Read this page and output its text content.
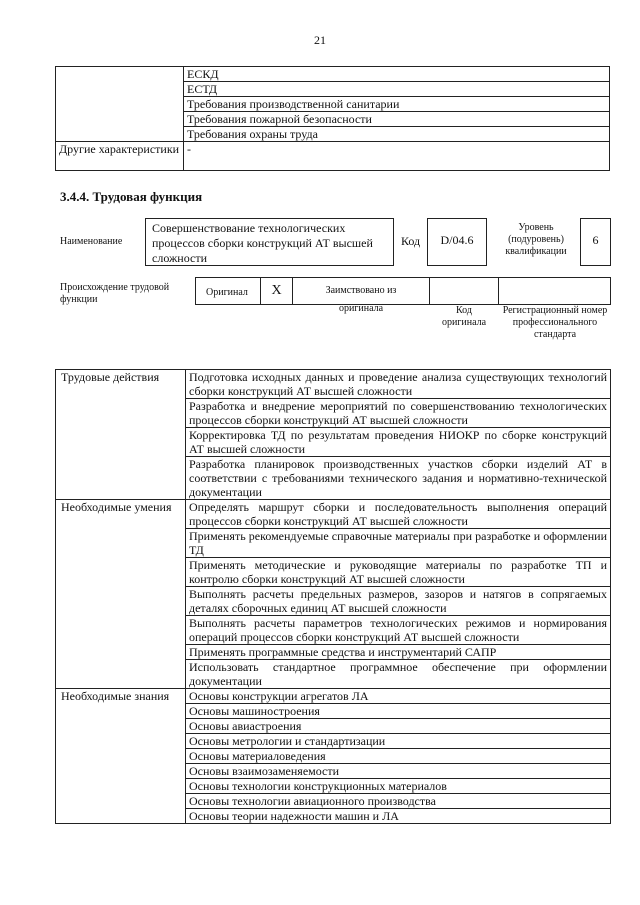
21
	ЕСКД
	ЕСТД
	Требования производственной санитарии
	Требования пожарной безопасности
	Требования охраны труда
Другие характеристики	-
3.4.4. Трудовая функция
Наименование
Совершенствование технологических процессов сборки конструкций АТ высшей сложности
Код	D/04.6
Уровень (подуровень) квалификации
6
Происхождение трудовой функции
Оригинал	X	Заимствовано из оригинала	Код оригинала
Регистрационный номер профессионального стандарта
Трудовые действия	Подготовка исходных данных и проведение анализа существующих технологий сборки конструкций АТ высшей сложности
	Разработка и внедрение мероприятий по совершенствованию технологических процессов сборки конструкций АТ высшей сложности
	Корректировка ТД по результатам проведения НИОКР по сборке конструкций АТ высшей сложности
	Разработка планировок производственных участков сборки изделий АТ в соответствии с требованиями технического задания и нормативно-технической документации
Необходимые умения	Определять маршрут сборки и последовательность выполнения операций процессов сборки конструкций АТ высшей сложности
	Применять рекомендуемые справочные материалы при разработке и оформлении ТД
	Применять методические и руководящие материалы по разработке ТП и контролю сборки конструкций АТ высшей сложности
	Выполнять расчеты предельных размеров, зазоров и натягов в сопрягаемых деталях сборочных единиц АТ высшей сложности
	Выполнять расчеты параметров технологических режимов и нормирования операций процессов сборки конструкций АТ высшей сложности
	Применять программные средства и инструментарий САПР
	Использовать стандартное программное обеспечение при оформлении документации
Необходимые знания	Основы конструкции агрегатов ЛА
	Основы машиностроения
	Основы авиастроения
	Основы метрологии и стандартизации
	Основы материаловедения
	Основы взаимозаменяемости
	Основы технологии конструкционных материалов
	Основы технологии авиационного производства
	Основы теории надежности машин и ЛА
